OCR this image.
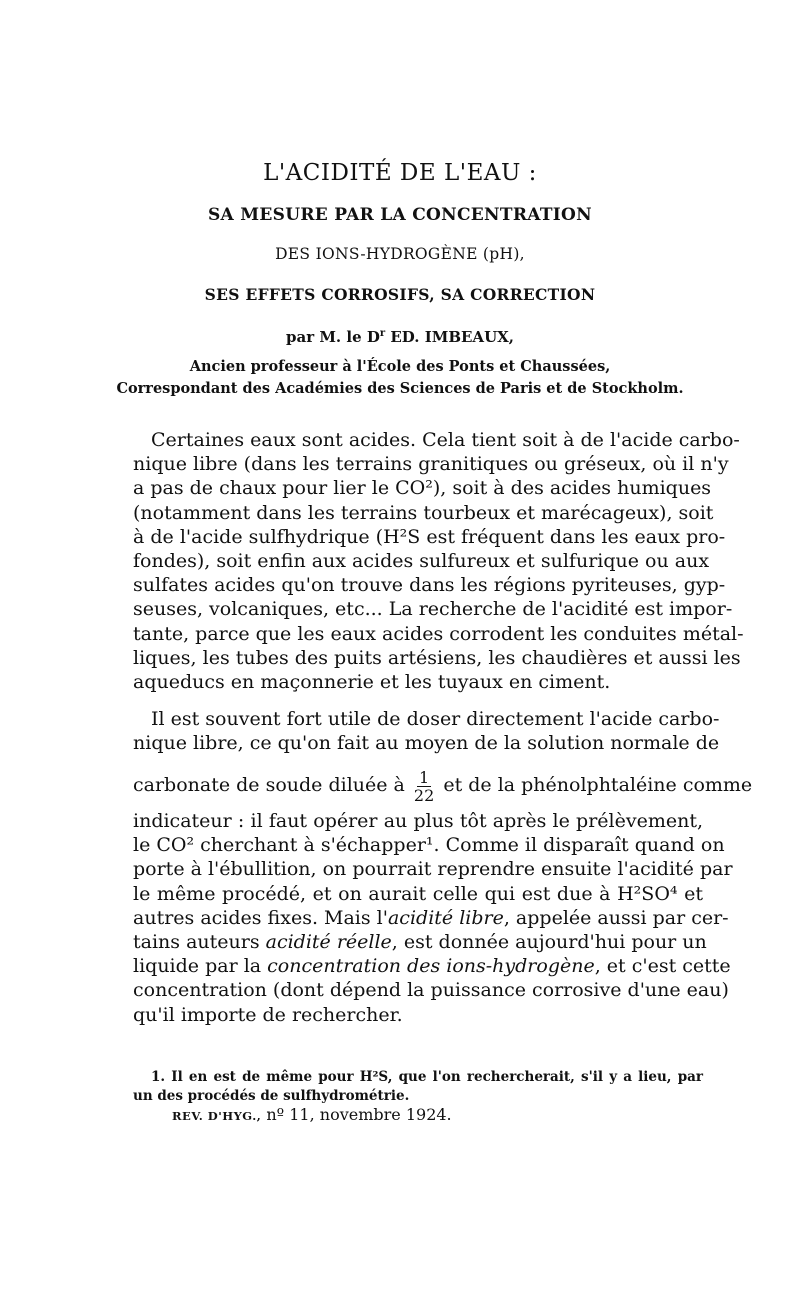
L'ACIDITÉ DE L'EAU :
SA MESURE PAR LA CONCENTRATION
DES IONS-HYDROGÈNE (pH),
SES EFFETS CORROSIFS, SA CORRECTION
par M. le $D^r$ ED. IMBEAUX,
Ancien professeur à l'École des Ponts et Chaussées,
Correspondant des Académies des Sciences de Paris et de Stockholm.
Certaines eaux sont acides. Cela tient soit à de l'acide carbo-
nique libre (dans les terrains granitiques ou gréseux, où il n'y
a pas de chaux pour lier le CO²), soit à des acides humiques
(notamment dans les terrains tourbeux et marécageux), soit
à de l'acide sulfhydrique (H²S est fréquent dans les eaux pro-
fondes), soit enfin aux acides sulfureux et sulfurique ou aux
sulfates acides qu'on trouve dans les régions pyriteuses, gyp-
seuses, volcaniques, etc... La recherche de l'acidité est impor-
tante, parce que les eaux acides corrodent les conduites métal-
liques, les tubes des puits artésiens, les chaudières et aussi les
aqueducs en maçonnerie et les tuyaux en ciment.
Il est souvent fort utile de doser directement l'acide carbo-
nique libre, ce qu'on fait au moyen de la solution normale de
carbonate de soude diluée à $\frac{1}{22}$ et de la phénolphtaléine comme
indicateur : il faut opérer au plus tôt après le prélèvement,
le CO² cherchant à s'échapper¹. Comme il disparaît quand on
porte à l'ébullition, on pourrait reprendre ensuite l'acidité par
le même procédé, et on aurait celle qui est due à H²SO⁴ et
autres acides fixes. Mais l'acidité libre, appelée aussi par cer-
tains auteurs acidité réelle, est donnée aujourd'hui pour un
liquide par la concentration des ions-hydrogène, et c'est cette
concentration (dont dépend la puissance corrosive d'une eau)
qu'il importe de rechercher.
1. Il en est de même pour H²S, que l'on rechercherait, s'il y a lieu, par
un des procédés de sulfhydrométrie.
REV. D'HYG., nº 11, novembre 1924.
